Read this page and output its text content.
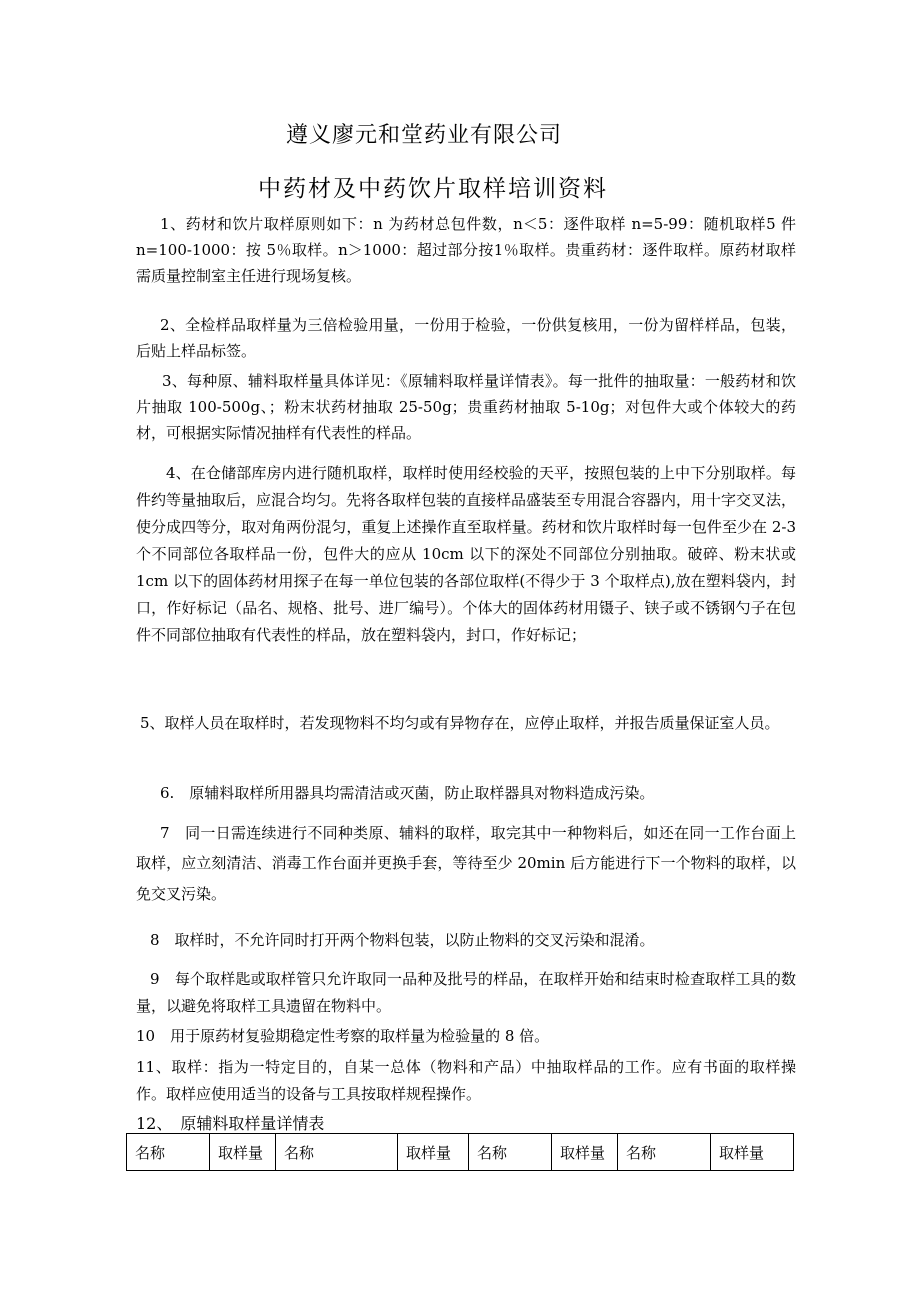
遵义廖元和堂药业有限公司
中药材及中药饮片取样培训资料
1、药材和饮片取样原则如下：n 为药材总包件数，n＜5：逐件取样 n=5-99：随机取样5 件 n=100-1000：按 5％取样。n＞1000：超过部分按1％取样。贵重药材：逐件取样。原药材取样需质量控制室主任进行现场复核。
2、全检样品取样量为三倍检验用量，一份用于检验，一份供复核用，一份为留样样品，包装，后贴上样品标签。
3、每种原、辅料取样量具体详见：《原辅料取样量详情表》。每一批件的抽取量：一般药材和饮片抽取 100-500g、；粉末状药材抽取 25-50g；贵重药材抽取 5-10g；对包件大或个体较大的药材，可根据实际情况抽样有代表性的样品。
4、在仓储部库房内进行随机取样，取样时使用经校验的天平，按照包装的上中下分别取样。每件约等量抽取后，应混合均匀。先将各取样包装的直接样品盛装至专用混合容器内，用十字交叉法，使分成四等分，取对角两份混匀，重复上述操作直至取样量。药材和饮片取样时每一包件至少在 2-3 个不同部位各取样品一份，包件大的应从 10cm 以下的深处不同部位分别抽取。破碎、粉末状或 1cm 以下的固体药材用探子在每一单位包装的各部位取样(不得少于 3 个取样点),放在塑料袋内，封口，作好标记（品名、规格、批号、进厂编号）。个体大的固体药材用镊子、铗子或不锈钢勺子在包件不同部位抽取有代表性的样品，放在塑料袋内，封口，作好标记；
5、取样人员在取样时，若发现物料不均匀或有异物存在，应停止取样，并报告质量保证室人员。
6.　原辅料取样所用器具均需清洁或灭菌，防止取样器具对物料造成污染。
7　同一日需连续进行不同种类原、辅料的取样，取完其中一种物料后，如还在同一工作台面上取样，应立刻清洁、消毒工作台面并更换手套，等待至少 20min 后方能进行下一个物料的取样，以免交叉污染。
8　取样时，不允许同时打开两个物料包装，以防止物料的交叉污染和混淆。
9　每个取样匙或取样管只允许取同一品种及批号的样品，在取样开始和结束时检查取样工具的数量，以避免将取样工具遗留在物料中。
10　用于原药材复验期稳定性考察的取样量为检验量的 8 倍。
11、取样：指为一特定目的，自某一总体（物料和产品）中抽取样品的工作。应有书面的取样操作。取样应使用适当的设备与工具按取样规程操作。
12、　原辅料取样量详情表
名称	取样量	名称	取样量	名称	取样量	名称	取样量
